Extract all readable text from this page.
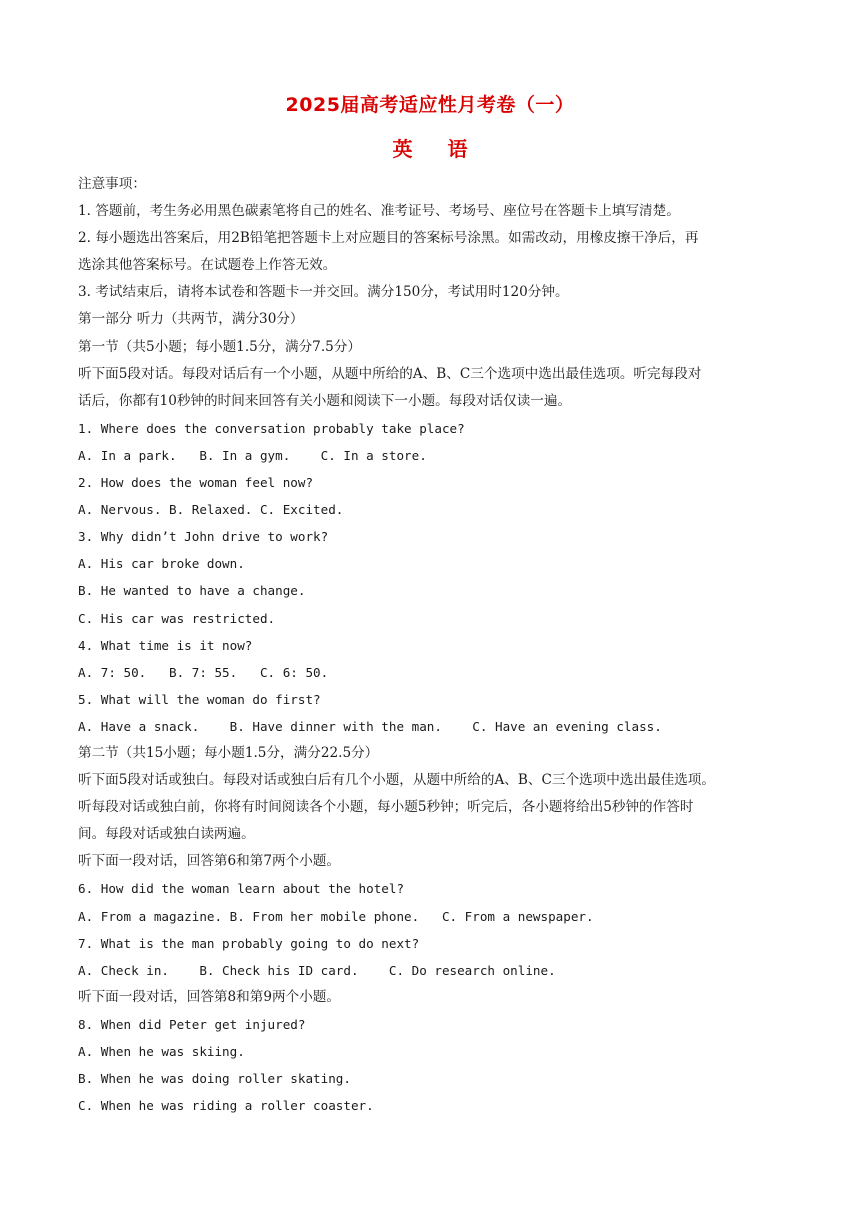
2025届高考适应性月考卷（一）
英 语
注意事项：
1. 答题前，考生务必用黑色碳素笔将自己的姓名、准考证号、考场号、座位号在答题卡上填写清楚。
2. 每小题选出答案后，用2B铅笔把答题卡上对应题目的答案标号涂黑。如需改动，用橡皮擦干净后，再
选涂其他答案标号。在试题卷上作答无效。
3. 考试结束后，请将本试卷和答题卡一并交回。满分150分，考试用时120分钟。
第一部分 听力（共两节，满分30分）
第一节（共5小题；每小题1.5分，满分7.5分）
听下面5段对话。每段对话后有一个小题，从题中所给的A、B、C三个选项中选出最佳选项。听完每段对
话后，你都有10秒钟的时间来回答有关小题和阅读下一小题。每段对话仅读一遍。
1. Where does the conversation probably take place?
A. In a park.   B. In a gym.    C. In a store.
2. How does the woman feel now?
A. Nervous. B. Relaxed. C. Excited.
3. Why didn’t John drive to work?
A. His car broke down.
B. He wanted to have a change.
C. His car was restricted.
4. What time is it now?
A. 7: 50.   B. 7: 55.   C. 6: 50.
5. What will the woman do first?
A. Have a snack.    B. Have dinner with the man.    C. Have an evening class.
第二节（共15小题；每小题1.5分，满分22.5分）
听下面5段对话或独白。每段对话或独白后有几个小题，从题中所给的A、B、C三个选项中选出最佳选项。
听每段对话或独白前，你将有时间阅读各个小题，每小题5秒钟；听完后，各小题将给出5秒钟的作答时
间。每段对话或独白读两遍。
听下面一段对话，回答第6和第7两个小题。
6. How did the woman learn about the hotel?
A. From a magazine. B. From her mobile phone.   C. From a newspaper.
7. What is the man probably going to do next?
A. Check in.    B. Check his ID card.    C. Do research online.
听下面一段对话，回答第8和第9两个小题。
8. When did Peter get injured?
A. When he was skiing.
B. When he was doing roller skating.
C. When he was riding a roller coaster.
